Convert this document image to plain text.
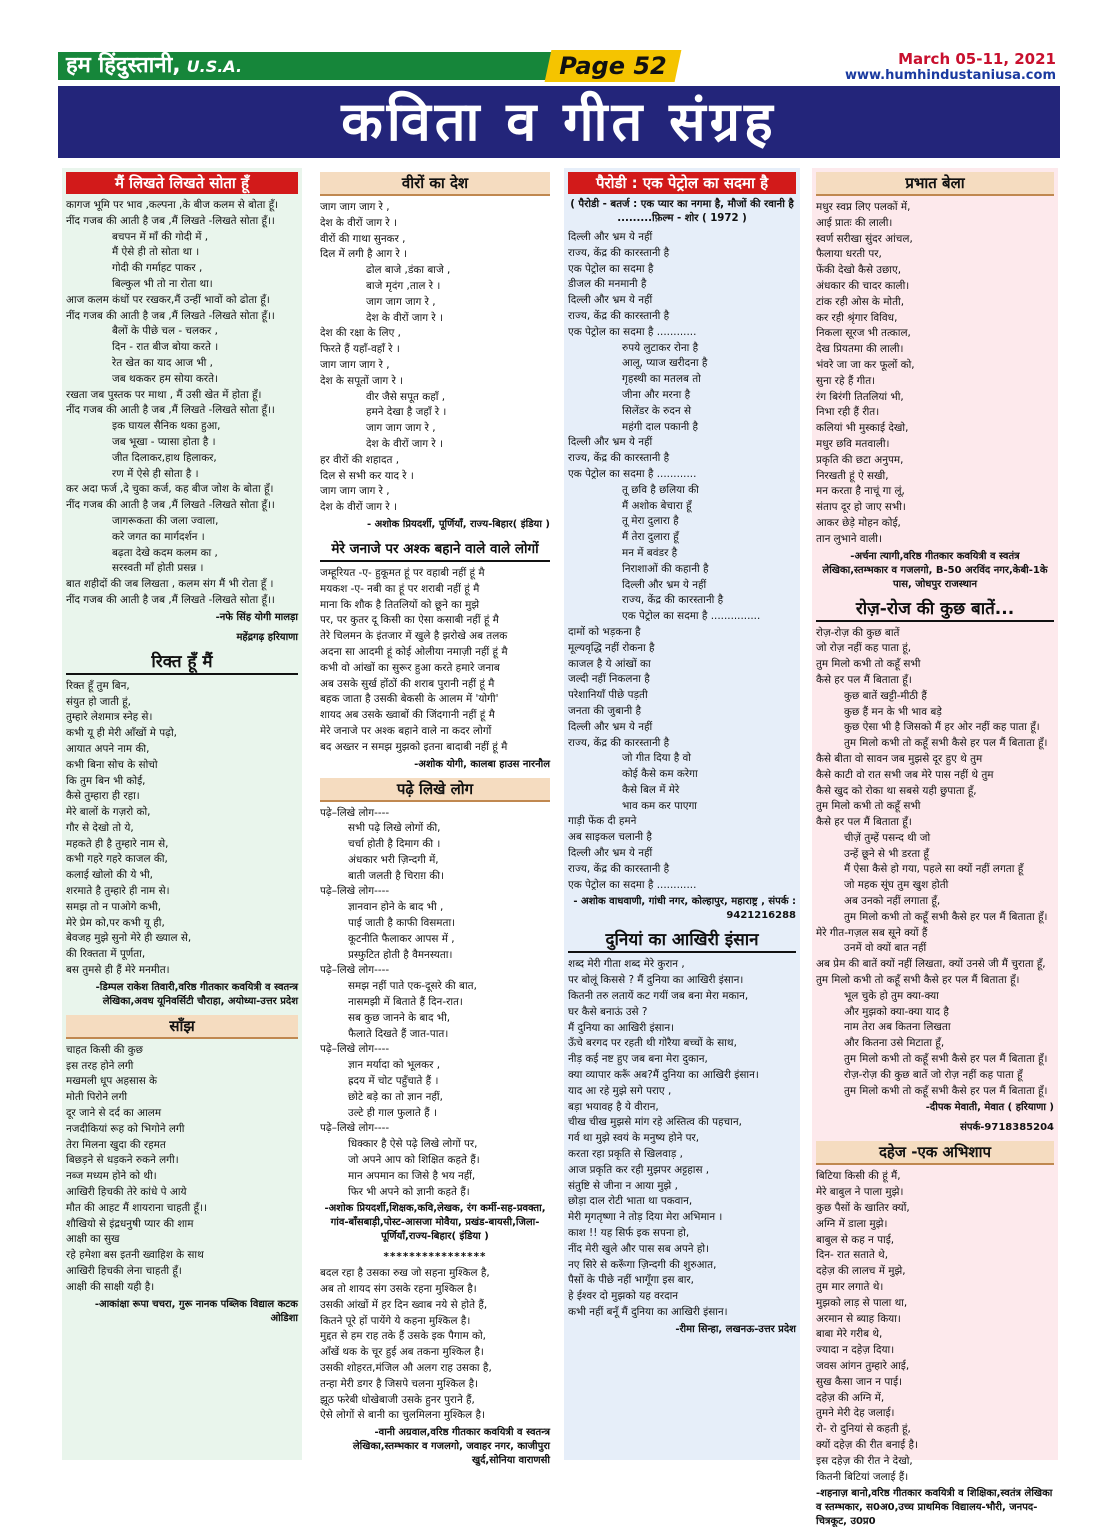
हम हिंदुस्तानी, U.S.A.	Page 52	March 05-11, 2021
www.humhindustaniusa.com
कविता व गीत संग्रह
मैं लिखते लिखते सोता हूँ
कागज भूमि पर भाव ,कल्पना ,के बीज कलम से बोता हूँ।
नींद गजब की आती है जब ,मैं लिखते -लिखते सोता हूँ।।
बचपन में माँ की गोदी में ,
मैं ऐसे ही तो सोता था ।
गोदी की गर्माहट पाकर ,
बिल्कुल भी तो ना रोता था।
आज कलम कंधों पर रखकर,मैं उन्हीं भावों को ढोता हूँ।
नींद गजब की आती है जब ,मैं लिखते -लिखते सोता हूँ।।
बैलों के पीछे चल - चलकर ,
दिन - रात बीज बोया करते ।
रेत खेत का याद आज भी ,
जब थककर हम सोया करते।
रखता जब पुस्तक पर माथा , मैं उसी खेत में होता हूँ।
नींद गजब की आती है जब ,मैं लिखते -लिखते सोता हूँ।।
इक घायल सैनिक थका हुआ,
जब भूखा - प्यासा होता है ।
जीत दिलाकर,हाथ हिलाकर,
रण में ऐसे ही सोता है ।
कर अदा फर्ज ,दे चुका कर्ज, कह बीज जोश के बोता हूँ।
नींद गजब की आती है जब ,मैं लिखते -लिखते सोता हूँ।।
जागरूकता की जला ज्वाला,
करे जगत का मार्गदर्शन ।
बढ़ता देखे कदम कलम का ,
सरस्वती माँ होती प्रसन्न ।
बात शहीदों की जब लिखता , कलम संग मैं भी रोता हूँ ।
नींद गजब की आती है जब ,मैं लिखते -लिखते सोता हूँ।।
-नफे सिंह योगी मालड़ा
महेंद्रगढ़ हरियाणा
रिक्त हूँ मैं
रिक्त हूँ तुम बिन,
संयुत हो जाती हूं,
तुम्हारे लेशमात्र स्नेह से।
कभी यू ही मेरी आँखों मे पढ़ो,
आयात अपने नाम की,
कभी बिना सोच के सोचो
कि तुम बिन भी कोई,
कैसे तुम्हारा ही रहा।
मेरे बालों के गज़रो को,
गौर से देखो तो ये,
महकते ही है तुम्हारे नाम से,
कभी गहरे गहरे काजल की,
कलाई खोलो की ये भी,
शरमाते है तुम्हारे ही नाम से।
समझ तो न पाओगे कभी,
मेरे प्रेम को,पर कभी यू ही,
बेवजह मुझे सुनो मेरे ही ख्याल से,
की रिक्तता में पूर्णता,
बस तुमसे ही हैं मेरे मनमीत।
-डिम्पल राकेश तिवारी,वरिष्ठ गीतकार कवयित्री व स्वतन्त्र लेखिका,अवध यूनिवर्सिटी चौराहा, अयोध्या-उत्तर प्रदेश
साँझ
चाहत किसी की कुछ
इस तरह होने लगी
मखमली धूप अहसास के
मोती पिरोने लगी
दूर जाने से दर्द का आलम
नजदीकियां रूह को भिगोने लगी
तेरा मिलना खुदा की रहमत
बिछड़ने से धड़कने रुकने लगी।
नब्ज मध्यम होने को थी।
आखिरी हिचकी तेरे कांधे पे आये
मौत की आहट मैं शायराना चाहती हूँ।।
शौखियो से इंद्रधनुषी प्यार की शाम
आक्षी का सुख
रहे हमेशा बस इतनी ख्वाहिश के साथ
आखिरी हिचकी लेना चाहती हूँ।
आक्षी की साक्षी यही है।
-आकांक्षा रूपा चचरा, गुरू नानक पब्लिक विद्याल कटक ओडिशा
वीरों का देश
जाग जाग जाग रे ,
देश के वीरों जाग रे ।
वीरों की गाथा सुनकर ,
दिल में लगी है आग रे ।
ढोल बाजे ,डंका बाजे ,
बाजे मृदंग ,ताल रे ।
जाग जाग जाग रे ,
देश के वीरों जाग रे ।
देश की रक्षा के लिए ,
फिरते हैं यहाँ-वहाँ रे ।
जाग जाग जाग रे ,
देश के सपूतों जाग रे ।
वीर जैसे सपूत कहाँ ,
हमने देखा है जहाँ रे ।
जाग जाग जाग रे ,
देश के वीरों जाग रे ।
हर वीरों की शहादत ,
दिल से सभी कर याद रे ।
जाग जाग जाग रे ,
देश के वीरों जाग रे ।
- अशोक प्रियदर्शी, पूर्णियाँ, राज्य-बिहार( इंडिया )
मेरे जनाजे पर अश्क बहाने वाले वाले लोगों
जम्हूरियत -ए- हुकूमत हूं पर वहाबी नहीं हूं मै
मयकश -ए- नबी का हूं पर शराबी नहीं हूं मै
माना कि शौक है तितलियों को छूने का मुझे
पर, पर कुतर दू किसी का ऐसा कसाबी नहीं हूं मै
तेरे चिलमन के इंतजार में खुले है झरोखे अब तलक
अदना सा आदमी हूं कोई ओलीया नमाज़ी नहीं हूं मै
कभी वो आंखों का सुरूर हुआ करते हमारे जनाब
अब उसके सुर्ख होंठों की शराब पुरानी नहीं हूं मै
बहक जाता है उसकी बेकसी के आलम में 'योगी'
शायद अब उसके ख्वाबों की जिंदगानी नहीं हूं मै
मेरे जनाजे पर अश्क बहाने वाले ना कदर लोगों
बद अख्तर न समझ मुझको इतना बादाबी नहीं हूं मै
-अशोक योगी, कालबा हाउस नारनौल
पढ़े लिखे लोग
पढ़े–लिखे लोग----
सभी पढ़े लिखे लोगों की,
चर्चा होती है दिमाग की ।
अंधकार भरी ज़िन्दगी में,
बाती जलती है चिराग़ की।
पढ़े–लिखे लोग----
ज्ञानवान होने के बाद भी ,
पाई जाती है काफी विसमता।
कूटनीति फैलाकर आपस में ,
प्रस्फुटित होती है वैमनस्यता।
पढ़े–लिखे लोग----
समझ नहीं पाते एक-दूसरे की बात,
नासमझी में बिताते हैं दिन-रात।
सब कुछ जानने के बाद भी,
फैलाते दिखते हैं जात-पात।
पढ़े–लिखे लोग----
ज्ञान मर्यादा को भूलकर ,
ह्रदय में चोट पहुँचाते हैं ।
छोटे बड़े का तो ज्ञान नहीं,
उल्टे ही गाल फुलाते हैं ।
पढ़े–लिखे लोग----
धिक्कार है ऐसे पढ़े लिखे लोगों पर,
जो अपने आप को शिक्षित कहते हैं।
मान अपमान का जिसे है भय नहीं,
फिर भी अपने को ज्ञानी कहते हैं।
-अशोक प्रियदर्शी,शिक्षक,कवि,लेखक, रंग कर्मी-सह-प्रवक्ता, गांव-बाँसबाड़ी,पोस्ट-आसजा मोवैया, प्रखंड-बायसी,जिला-पूर्णियाँ,राज्य-बिहार( इंडिया )
****************
बदल रहा है उसका रुख जो सहना मुश्किल है,
अब तो शायद संग उसके रहना मुश्किल है।
उसकी आंखों में हर दिन ख्वाब नये से होते हैं,
कितने पूरे हों पायेंगे ये कहना मुश्किल है।
मुद्दत से हम राह तके हैं उसके इक पैगाम को,
आँखें थक के चूर हुई अब तकना मुश्किल है।
उसकी शोहरत,मंजिल औ अलग राह उसका है,
तन्हा मेरी डगर है जिसपे चलना मुश्किल है।
झूठ फरेबी धोखेबाजी उसके हुनर पुराने हैं,
ऐसे लोगों से बानी का चुलमिलना मुश्किल है।
-वानी अग्रवाल,वरिष्ठ गीतकार कवयित्री व स्वतन्त्र लेखिका,स्तम्भकार व गजलगो, जवाहर नगर, काजीपुरा खुर्द,सोनिया वाराणसी
पैरोडी : एक पेट्रोल का सदमा है
( पैरोडी - बतर्ज : एक प्यार का नगमा है, मौजों की रवानी है .........फ़िल्म - शोर ( 1972 )
दिल्ली और भ्रम ये नहीं
राज्य, केंद्र की कारस्तानी है
एक पेट्रोल का सदमा है
डीजल की मनमानी है
दिल्ली और भ्रम ये नहीं
राज्य, केंद्र की कारस्तानी है
एक पेट्रोल का सदमा है ............
रुपये लुटाकर रोना है
आलू, प्याज खरीदना है
गृहस्थी का मतलब तो
जीना और मरना है
सिलेंडर के रुदन से
महंगी दाल पकानी है
दिल्ली और भ्रम ये नहीं
राज्य, केंद्र की कारस्तानी है
एक पेट्रोल का सदमा है ............
तू छवि है छलिया की
मैं अशोक बेचारा हूँ
तू मेरा दुलारा है
मैं तेरा दुलारा हूँ
मन में बवंडर है
निराशाओं की कहानी है
दिल्ली और भ्रम ये नहीं
राज्य, केंद्र की कारस्तानी है
एक पेट्रोल का सदमा है ...............
दामों को भड़कना है
मूल्यवृद्धि नहीं रोकना है
काजल है ये आंखों का
जल्दी नहीं निकलना है
परेशानियाँ पीछे पड़ती
जनता की जुबानी है
दिल्ली और भ्रम ये नहीं
राज्य, केंद्र की कारस्तानी है
जो गीत दिया है वो
कोई कैसे कम करेगा
कैसे बिल में मेरे
भाव कम कर पाएगा
गाड़ी फेंक दी हमने
अब साइकल चलानी है
दिल्ली और भ्रम ये नहीं
राज्य, केंद्र की कारस्तानी है
एक पेट्रोल का सदमा है ............
- अशोक वाधवाणी, गांधी नगर, कोल्हापुर, महाराष्ट्र , संपर्क : 9421216288
दुनियां का आखिरी इंसान
शब्द मेरी गीता शब्द मेरे कुरान ,
पर बोलूं किससे ? मैं दुनिया का आखिरी इंसान।
कितनी तरु लतायें कट गयीं जब बना मेरा मकान,
घर कैसे बनाऊं उसे ?
मैं दुनिया का आखिरी इंसान।
ऊँचे बरगद पर रहती थी गोरैया बच्चों के साथ,
नीड़ कई नष्ट हुए जब बना मेरा दुकान,
क्या व्यापार करूँ अब?मैं दुनिया का आखिरी इंसान।
याद आ रहे मुझे सगे पराए ,
बड़ा भयावह है ये वीरान,
चीख चीख मुझसे मांग रहे अस्तित्व की पहचान,
गर्व था मुझे स्वयं के मनुष्य होने पर,
करता रहा प्रकृति से खिलवाड़ ,
आज प्रकृति कर रही मुझपर अट्टहास ,
संतुष्टि से जीना न आया मुझे ,
छोड़ा दाल रोटी भाता था पकवान,
मेरी मृगतृष्णा ने तोड़ दिया मेरा अभिमान ।
काश !! यह सिर्फ इक सपना हो,
नींद मेरी खुले और पास सब अपने हो।
नए सिरे से करूँगा ज़िन्दगी की शुरुआत,
पैसों के पीछे नहीं भागूँगा इस बार,
हे ईश्वर दो मुझको यह वरदान
कभी नहीं बनूँ मैं दुनिया का आखिरी इंसान।
-रीमा सिन्हा, लखनऊ-उत्तर प्रदेश
प्रभात बेला
मधुर स्वप्न लिए पलकों में,
आई प्रातः की लाली।
स्वर्ण सरीखा सुंदर आंचल,
फैलाया धरती पर,
फेंकी देखो कैसे उछाए,
अंधकार की चादर काली।
टांक रही ओस के मोती,
कर रही श्रृंगार विविध,
निकला सूरज भी तत्काल,
देख प्रियतमा की लाली।
भंवरे जा जा कर फूलों को,
सुना रहे हैं गीत।
रंग बिरंगी तितलियां भी,
निभा रही हैं रीत।
कलियां भी मुस्काई देखो,
मधुर छवि मतवाली।
प्रकृति की छटा अनुपम,
निरखती हूं ऐ सखी,
मन करता है नाचूं गा लूं,
संताप दूर हो जाए सभी।
आकर छेड़े मोहन कोई,
तान लुभाने वाली।
-अर्चना त्यागी,वरिष्ठ गीतकार कवयित्री व स्वतंत्र लेखिका,स्तम्भकार व गजलगो, B-50 अरविंद नगर,केबी-1के पास, जोधपुर राजस्थान
रोज़-रोज की कुछ बातें...
रोज़-रोज़ की कुछ बातें
जो रोज़ नहीं कह पाता हूं,
तुम मिलो कभी तो कहूँ सभी
कैसे हर पल मैं बिताता हूँ।
कुछ बातें खट्टी-मीठी हैं
कुछ हैं मन के भी भाव बड़े
कुछ ऐसा भी है जिसको मैं हर ओर नहीं कह पाता हूँ।
तुम मिलो कभी तो कहूँ सभी कैसे हर पल मैं बिताता हूँ।
कैसे बीता वो सावन जब मुझसे दूर हुए थे तुम
कैसे काटी वो रात सभी जब मेरे पास नहीं थे तुम
कैसे खुद को रोका था सबसे यही छुपाता हूँ,
तुम मिलो कभी तो कहूँ सभी
कैसे हर पल मैं बिताता हूँ।
चीज़ें तुम्हें पसन्द थी जो
उन्हें छूने से भी डरता हूँ
मैं ऐसा कैसे हो गया, पहले सा क्यों नहीं लगता हूँ
जो महक सूंघ तुम खुश होती
अब उनको नहीं लगाता हूँ,
तुम मिलो कभी तो कहूँ सभी कैसे हर पल मैं बिताता हूँ।
मेरे गीत-गज़ल सब सूने क्यों हैं
उनमें वो क्यों बात नहीं
अब प्रेम की बातें क्यों नहीं लिखता, क्यों उनसे जी मैं चुराता हूँ,
तुम मिलो कभी तो कहूँ सभी कैसे हर पल मैं बिताता हूँ।
भूल चुके हो तुम क्या-क्या
और मुझको क्या-क्या याद है
नाम तेरा अब कितना लिखता
और कितना उसे मिटाता हूँ,
तुम मिलो कभी तो कहूँ सभी कैसे हर पल मैं बिताता हूँ।
रोज़-रोज़ की कुछ बातें जो रोज़ नहीं कह पाता हूँ
तुम मिलो कभी तो कहूँ सभी कैसे हर पल मैं बिताता हूँ।
-दीपक मेवाती, मेवात ( हरियाणा )
संपर्क-9718385204
दहेज -एक अभिशाप
बिटिया किसी की हूं मैं,
मेरे बाबुल ने पाला मुझे।
कुछ पैसों के खातिर क्यों,
अग्नि में डाला मुझे।
बाबुल से कह न पाई,
दिन- रात सताते थे,
दहेज़ की लालच में मुझे,
तुम मार लगाते थे।
मुझको लाड़ से पाला था,
अरमान से ब्याह किया।
बाबा मेरे गरीब थे,
ज्यादा न दहेज़ दिया।
जवस आंगन तुम्हारे आई,
सुख कैसा जान न पाई।
दहेज़ की अग्नि में,
तुमने मेरी देह जलाई।
रो- रो दुनियां से कहती हूं,
क्यों दहेज़ की रीत बनाई है।
इस दहेज़ की रीत ने देखो,
कितनी बिटियां जलाई हैं।
-शहनाज़ बानो,वरिष्ठ गीतकार कवयित्री व शिक्षिका,स्वतंत्र लेखिका व स्तम्भकार, स0अ0,उच्च प्राथमिक विद्यालय-भौरी, जनपद-चित्रकूट, उ0प्र0
